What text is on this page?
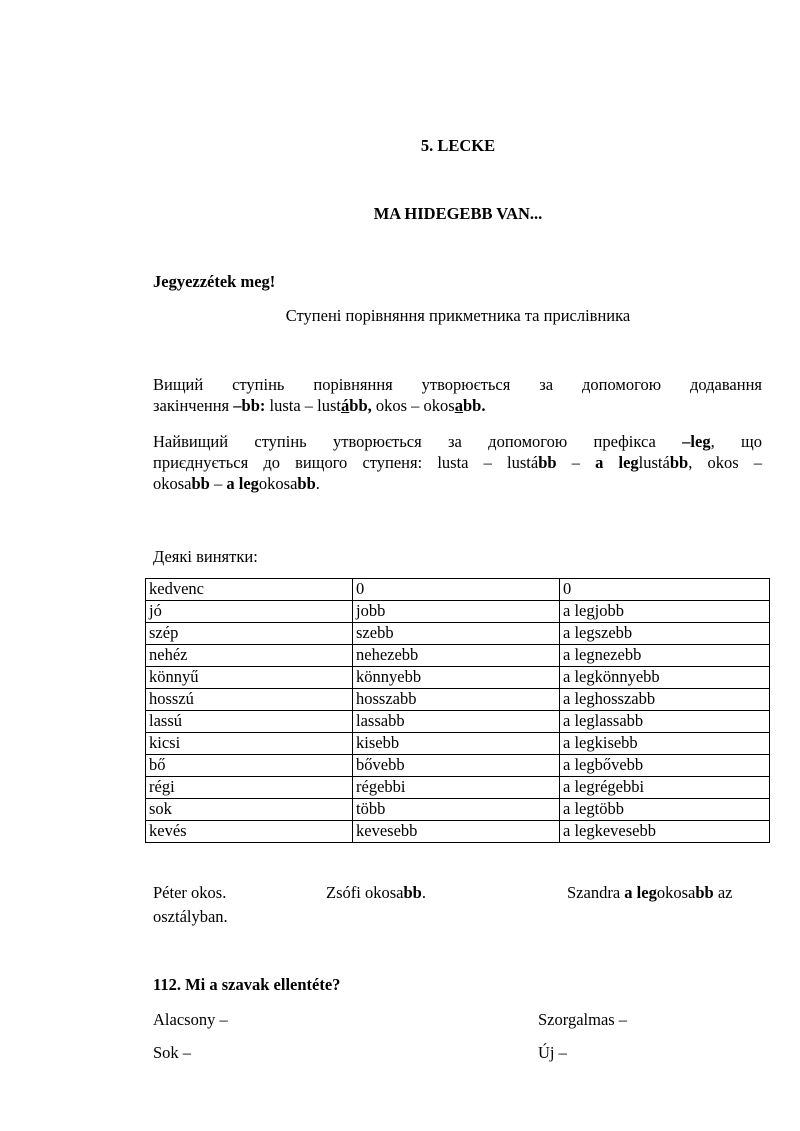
5. LECKE
MA HIDEGEBB VAN...
Jegyezzétek meg!
Ступені порівняння прикметника та прислівника
Вищий ступінь порівняння утворюється за допомогою додавання
закінчення –bb: lusta – lustább, okos – okosabb.
Найвищий ступінь утворюється за допомогою префікса –leg, що
приєднується до вищого ступеня: lusta – lustább – a leglustább, okos –
okosabb – a legokosabb.
Деякі винятки:
kedvenc	0	0
jó	jobb	a legjobb
szép	szebb	a legszebb
nehéz	nehezebb	a legnezebb
könnyű	könnyebb	a legkönnyebb
hosszú	hosszabb	a leghosszabb
lassú	lassabb	a leglassabb
kicsi	kisebb	a legkisebb
bő	bővebb	a legbővebb
régi	régebbi	a legrégebbi
sok	több	a legtöbb
kevés	kevesebb	a legkevesebb
Péter okos.	Zsófi okosabb.	Szandra a legokosabb az
osztályban.
112. Mi a szavak ellentéte?
Alacsony –	Szorgalmas –
Sok –	Új –
